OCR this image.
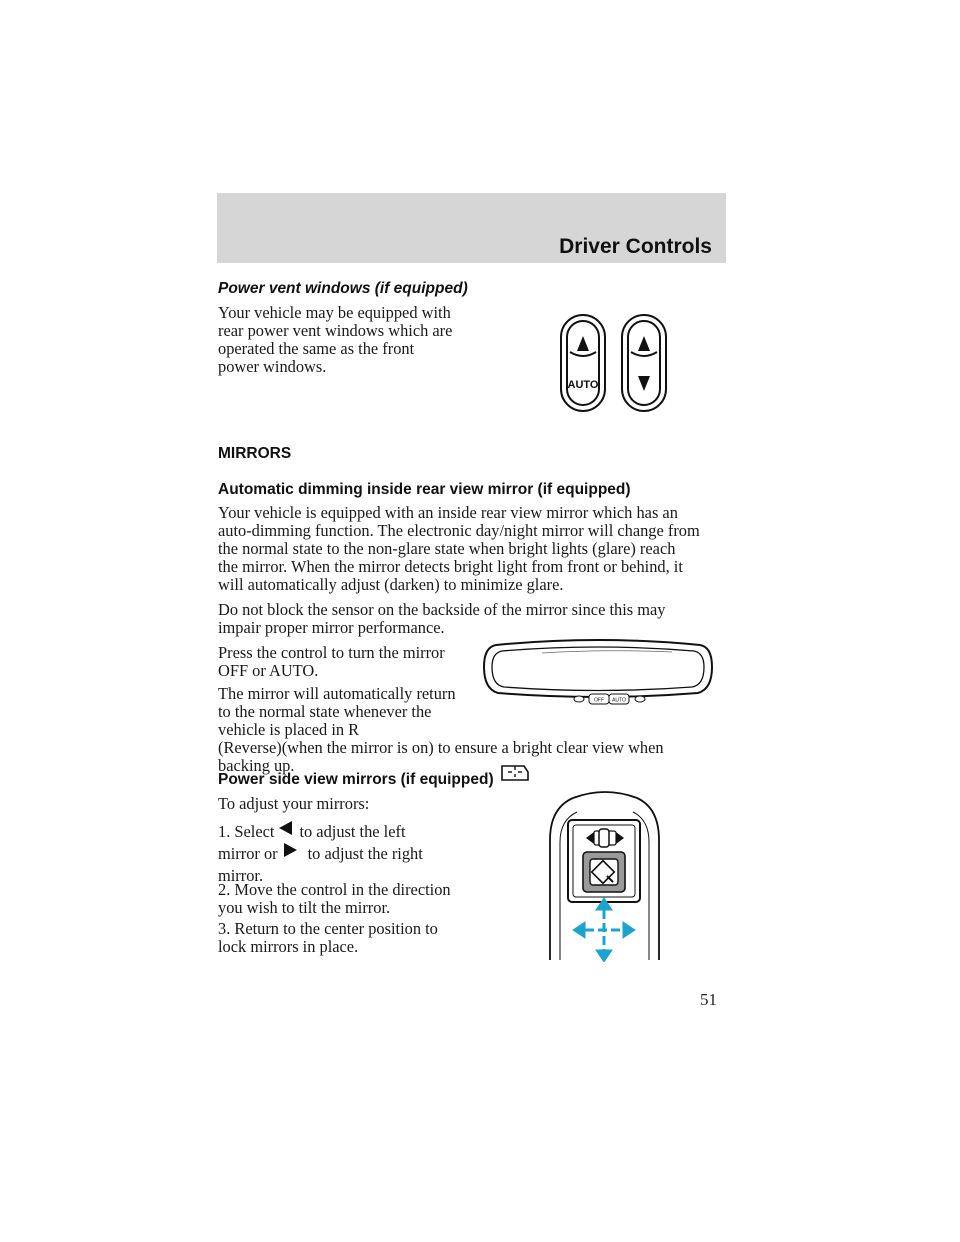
Driver Controls
Power vent windows (if equipped)

Your vehicle may be equipped with

rear power vent windows which are

operated the same as the front

power windows.

AUTO
MIRRORS
Automatic dimming inside rear view mirror (if equipped)

Your vehicle is equipped with an inside rear view mirror which has an

auto-dimming function. The electronic day/night mirror will change from

the normal state to the non-glare state when bright lights (glare) reach

the mirror. When the mirror detects bright light from front or behind, it

will automatically adjust (darken) to minimize glare.

Do not block the sensor on the backside of the mirror since this may

impair proper mirror performance.

Press the control to turn the mirror

OFF or AUTO.

The mirror will automatically return

to the normal state whenever the

vehicle is placed in R

(Reverse)(when the mirror is on) to ensure a bright clear view when

backing up.

OFF AUTO
Power side view mirrors (if equipped)
To adjust your mirrors:

1. Select to adjust the left

mirror or to adjust the right

mirror.

2. Move the control in the direction

you wish to tilt the mirror.

3. Return to the center position to

lock mirrors in place.

51
